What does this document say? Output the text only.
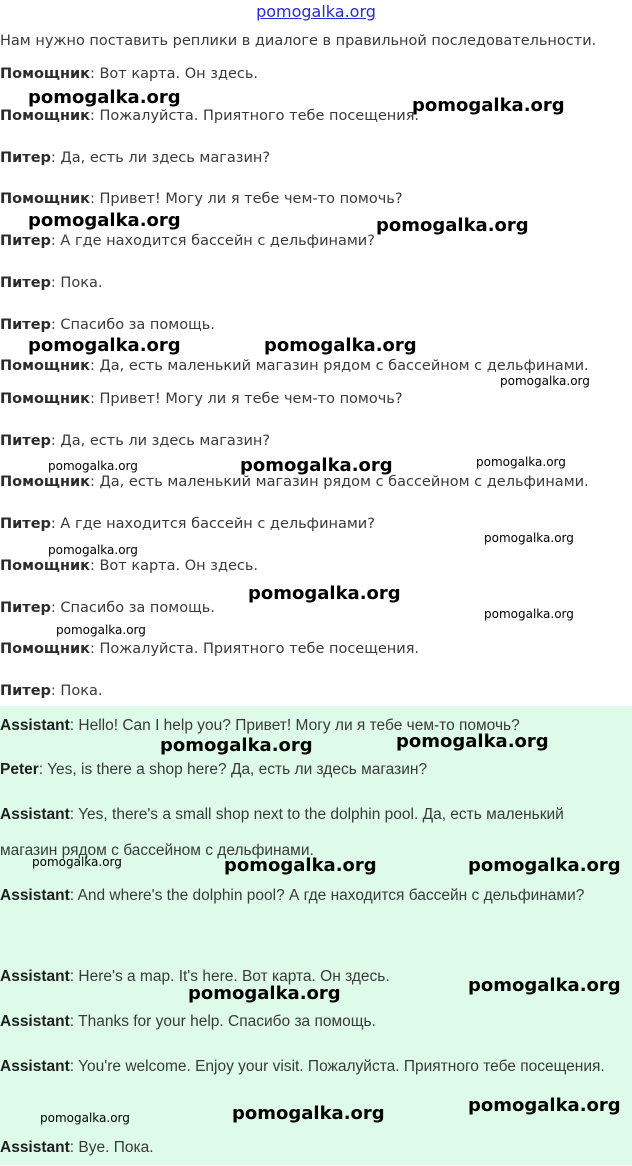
pomogalka.org
Нам нужно поставить реплики в диалоге в правильной последовательности.
Помощник: Вот карта. Он здесь.
Помощник: Пожалуйста. Приятного тебе посещения.
Питер: Да, есть ли здесь магазин?
Помощник: Привет! Могу ли я тебе чем-то помочь?
Питер: А где находится бассейн с дельфинами?
Питер: Пока.
Питер: Спасибо за помощь.
Помощник: Да, есть маленький магазин рядом с бассейном с дельфинами.
Помощник: Привет! Могу ли я тебе чем-то помочь?
Питер: Да, есть ли здесь магазин?
Помощник: Да, есть маленький магазин рядом с бассейном с дельфинами.
Питер: А где находится бассейн с дельфинами?
Помощник: Вот карта. Он здесь.
Питер: Спасибо за помощь.
Помощник: Пожалуйста. Приятного тебе посещения.
Питер: Пока.
Assistant: Hello! Can I help you? Привет! Могу ли я тебе чем-то помочь?
Peter: Yes, is there a shop here? Да, есть ли здесь магазин?
Assistant: Yes, there's a small shop next to the dolphin pool. Да, есть маленький магазин рядом с бассейном с дельфинами.
Assistant: And where's the dolphin pool? А где находится бассейн с дельфинами?
Assistant: Here's a map. It's here. Вот карта. Он здесь.
Assistant: Thanks for your help. Спасибо за помощь.
Assistant: You're welcome. Enjoy your visit. Пожалуйста. Приятного тебе посещения.
Assistant: Bye. Пока.
pomogalka.org	pomogalka.org
pomogalka.org	pomogalka.org
pomogalka.org	pomogalka.org
pomogalka.org
pomogalka.org	pomogalka.org	pomogalka.org
pomogalka.org
pomogalka.org
pomogalka.org
pomogalka.org
pomogalka.org
pomogalka.org	pomogalka.org
pomogalka.org	pomogalka.org	pomogalka.org
pomogalka.org	pomogalka.org
pomogalka.org	pomogalka.org	pomogalka.org
